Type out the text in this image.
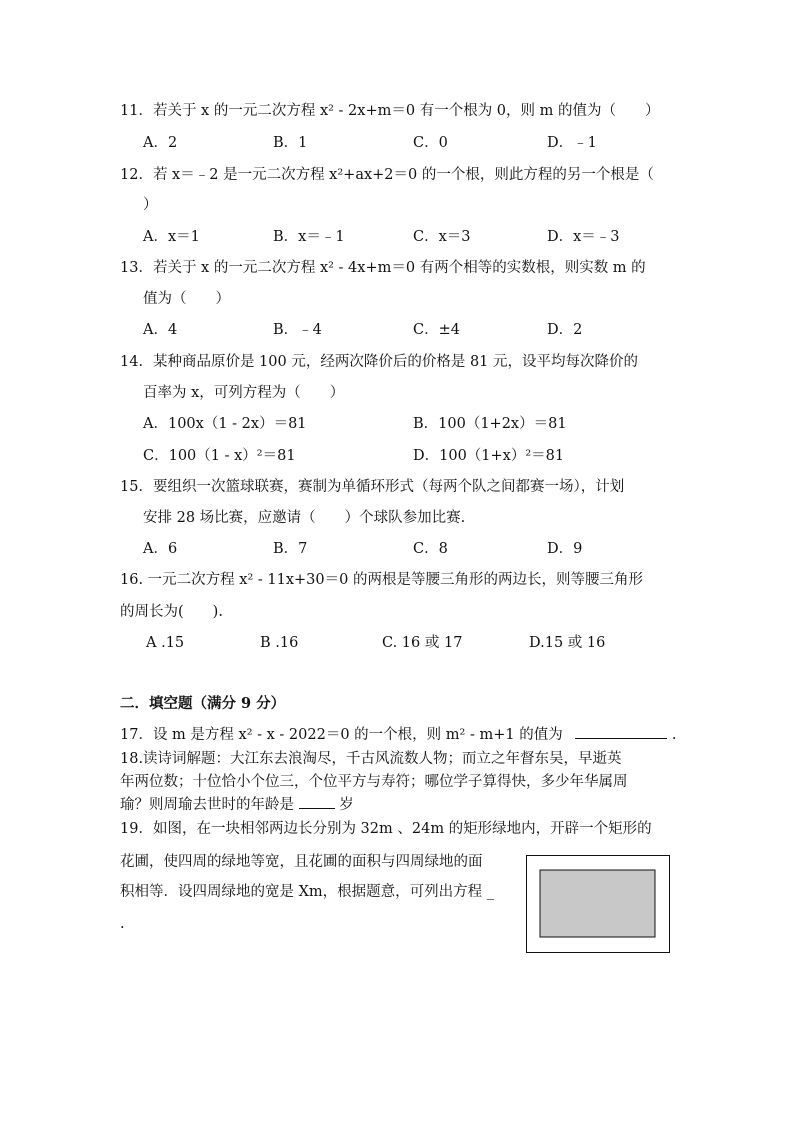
11．若关于 x 的一元二次方程 x² - 2x+m＝0 有一个根为 0，则 m 的值为（　　）
A．2	B．1	C．0	D．﹣1
12．若 x＝﹣2 是一元二次方程 x²+ax+2＝0 的一个根，则此方程的另一个根是（
）
A．x＝1	B．x＝﹣1	C．x＝3	D．x＝﹣3
13．若关于 x 的一元二次方程 x² - 4x+m＝0 有两个相等的实数根，则实数 m 的
值为（　　）
A．4	B．﹣4	C．±4	D．2
14．某种商品原价是 100 元，经两次降价后的价格是 81 元，设平均每次降价的
百率为 x，可列方程为（　　）
A．100x（1 - 2x）＝81	B．100（1+2x）＝81
C．100（1 - x）²＝81	D．100（1+x）²＝81
15．要组织一次篮球联赛，赛制为单循环形式（每两个队之间都赛一场），计划
安排 28 场比赛，应邀请（　　）个球队参加比赛.
A．6	B．7	C．8	D．9
16. 一元二次方程 x² - 11x+30＝0 的两根是等腰三角形的两边长，则等腰三角形
的周长为(　　).
A .15	B .16	C. 16 或 17	D.15 或 16
二．填空题（满分 9 分）
17．设 m 是方程 x² - x - 2022＝0 的一个根，则 m² - m+1 的值为	.
18.读诗词解题：大江东去浪淘尽，千古风流数人物；而立之年督东吴，早逝英
年两位数；十位恰小个位三，个位平方与寿符；哪位学子算得快，多少年华属周
瑜？则周瑜去世时的年龄是	岁
19．如图，在一块相邻两边长分别为 32m 、24m 的矩形绿地内，开辟一个矩形的
花圃，使四周的绿地等宽，且花圃的面积与四周绿地的面
积相等．设四周绿地的宽是 Xm，根据题意，可列出方程 _
.
